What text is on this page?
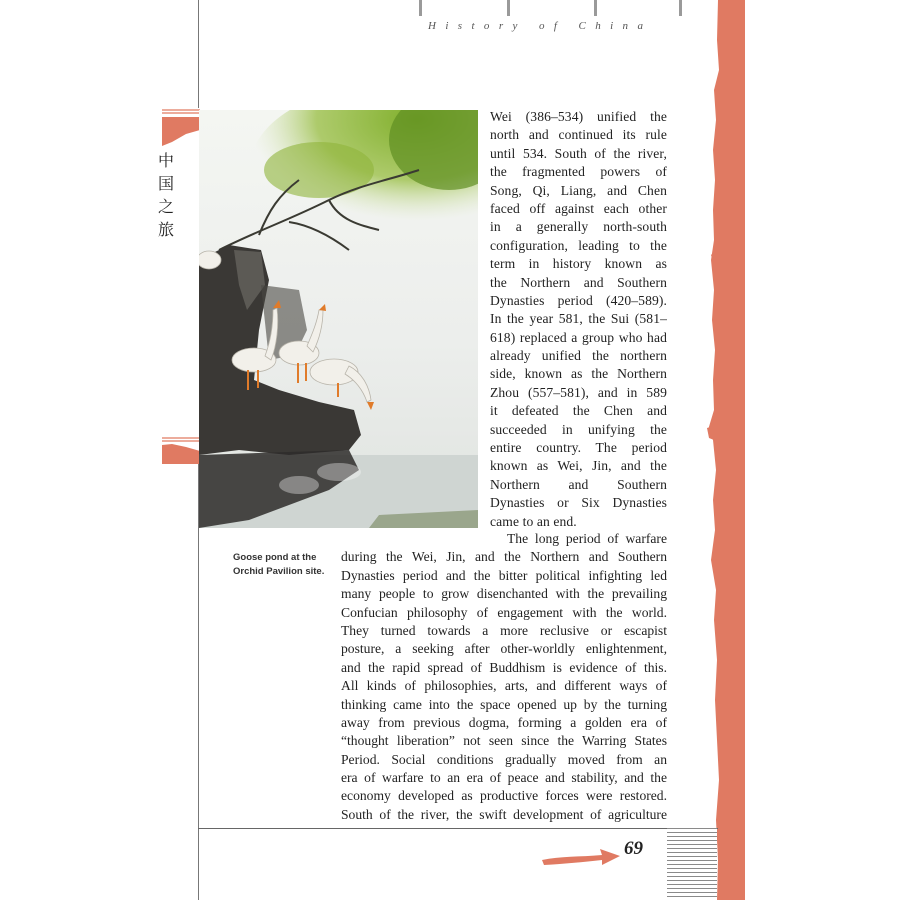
History of China
中
国
之
旅
Goose pond at the
Orchid Pavilion site.
Wei (386–534) unified the
north and continued its rule
until 534. South of the river,
the fragmented powers of
Song, Qi, Liang, and Chen
faced off against each other
in a generally north-south
configuration, leading to the
term in history known as
the Northern and Southern
Dynasties period (420–589).
In the year 581, the Sui (581–
618) replaced a group who had
already unified the northern
side, known as the Northern
Zhou (557–581), and in 589
it defeated the Chen and
succeeded in unifying the
entire country. The period
known as Wei, Jin, and the
Northern and Southern
Dynasties or Six Dynasties
came to an end.
The long period of warfare
during the Wei, Jin, and the Northern and Southern
Dynasties period and the bitter political infighting led
many people to grow disenchanted with the prevailing
Confucian philosophy of engagement with the world.
They turned towards a more reclusive or escapist
posture, a seeking after other-worldly enlightenment,
and the rapid spread of Buddhism is evidence of this.
All kinds of philosophies, arts, and different ways of
thinking came into the space opened up by the turning
away from previous dogma, forming a golden era of
“thought liberation” not seen since the Warring States
Period. Social conditions gradually moved from an
era of warfare to an era of peace and stability, and the
economy developed as productive forces were restored.
South of the river, the swift development of agriculture
69
